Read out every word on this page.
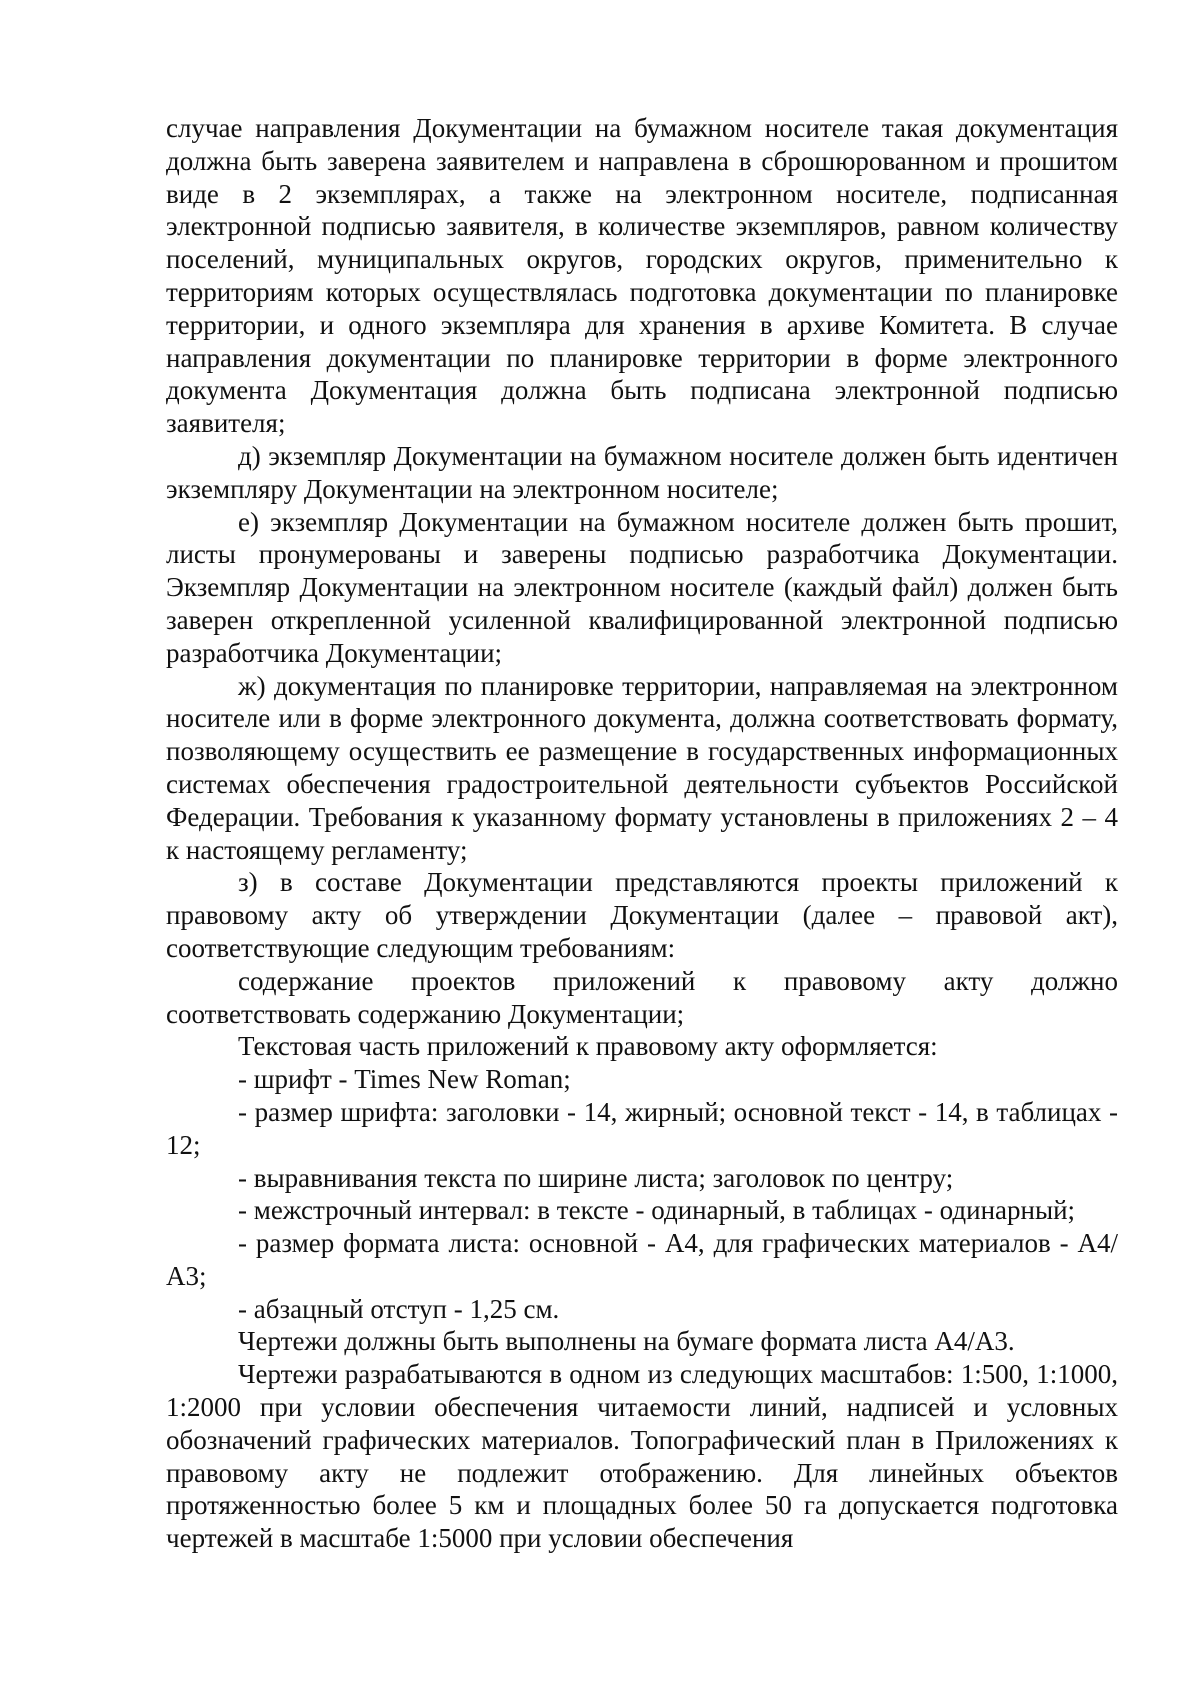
случае направления Документации на бумажном носителе такая документация должна быть заверена заявителем и направлена в сброшюрованном и прошитом виде в 2 экземплярах, а также на электронном носителе, подписанная электронной подписью заявителя, в количестве экземпляров, равном количеству поселений, муниципальных округов, городских округов, применительно к территориям которых осуществлялась подготовка документации по планировке территории, и одного экземпляра для хранения в архиве Комитета. В случае направления документации по планировке территории в форме электронного документа Документация должна быть подписана электронной подписью заявителя;

д) экземпляр Документации на бумажном носителе должен быть идентичен экземпляру Документации на электронном носителе;

е) экземпляр Документации на бумажном носителе должен быть прошит, листы пронумерованы и заверены подписью разработчика Документации. Экземпляр Документации на электронном носителе (каждый файл) должен быть заверен открепленной усиленной квалифицированной электронной подписью разработчика Документации;

ж) документация по планировке территории, направляемая на электронном носителе или в форме электронного документа, должна соответствовать формату, позволяющему осуществить ее размещение в государственных информационных системах обеспечения градостроительной деятельности субъектов Российской Федерации. Требования к указанному формату установлены в приложениях 2 – 4 к настоящему регламенту;

з) в составе Документации представляются проекты приложений к правовому акту об утверждении Документации (далее – правовой акт), соответствующие следующим требованиям:

содержание проектов приложений к правовому акту должно соответствовать содержанию Документации;

Текстовая часть приложений к правовому акту оформляется:

- шрифт - Times New Roman;

- размер шрифта: заголовки - 14, жирный; основной текст - 14, в таблицах - 12;

- выравнивания текста по ширине листа; заголовок по центру;

- межстрочный интервал: в тексте - одинарный, в таблицах - одинарный;

- размер формата листа: основной - А4, для графических материалов - А4/А3;

- абзацный отступ - 1,25 см.

Чертежи должны быть выполнены на бумаге формата листа А4/А3.

Чертежи разрабатываются в одном из следующих масштабов: 1:500, 1:1000, 1:2000 при условии обеспечения читаемости линий, надписей и условных обозначений графических материалов. Топографический план в Приложениях к правовому акту не подлежит отображению. Для линейных объектов протяженностью более 5 км и площадных более 50 га допускается подготовка чертежей в масштабе 1:5000 при условии обеспечения
